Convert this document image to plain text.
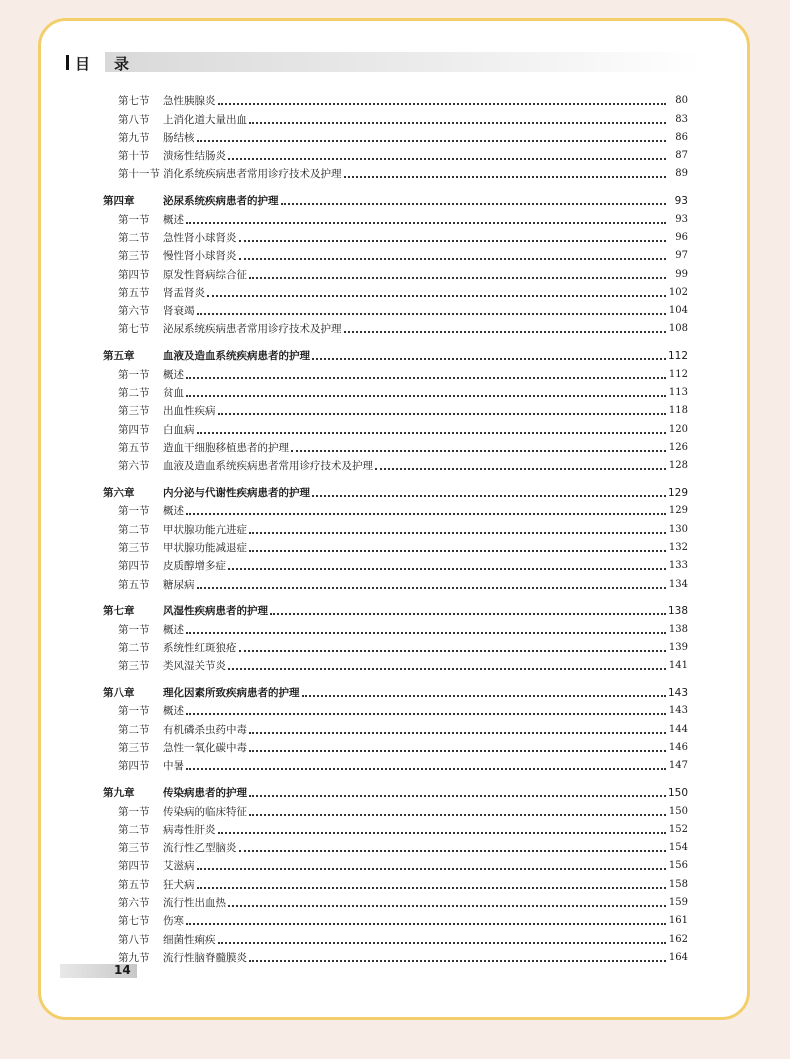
目录
第七节	急性胰腺炎	80
第八节	上消化道大量出血	83
第九节	肠结核	86
第十节	溃疡性结肠炎	87
第十一节 消化系统疾病患者常用诊疗技术及护理	89
第四章	泌尿系统疾病患者的护理	93
第一节	概述	93
第二节	急性肾小球肾炎	96
第三节	慢性肾小球肾炎	97
第四节	原发性肾病综合征	99
第五节	肾盂肾炎	102
第六节	肾衰竭	104
第七节	泌尿系统疾病患者常用诊疗技术及护理	108
第五章	血液及造血系统疾病患者的护理	112
第一节	概述	112
第二节	贫血	113
第三节	出血性疾病	118
第四节	白血病	120
第五节	造血干细胞移植患者的护理	126
第六节	血液及造血系统疾病患者常用诊疗技术及护理	128
第六章	内分泌与代谢性疾病患者的护理	129
第一节	概述	129
第二节	甲状腺功能亢进症	130
第三节	甲状腺功能减退症	132
第四节	皮质醇增多症	133
第五节	糖尿病	134
第七章	风湿性疾病患者的护理	138
第一节	概述	138
第二节	系统性红斑狼疮	139
第三节	类风湿关节炎	141
第八章	理化因素所致疾病患者的护理	143
第一节	概述	143
第二节	有机磷杀虫药中毒	144
第三节	急性一氧化碳中毒	146
第四节	中暑	147
第九章	传染病患者的护理	150
第一节	传染病的临床特征	150
第二节	病毒性肝炎	152
第三节	流行性乙型脑炎	154
第四节	艾滋病	156
第五节	狂犬病	158
第六节	流行性出血热	159
第七节	伤寒	161
第八节	细菌性痢疾	162
第九节	流行性脑脊髓膜炎	164
14
